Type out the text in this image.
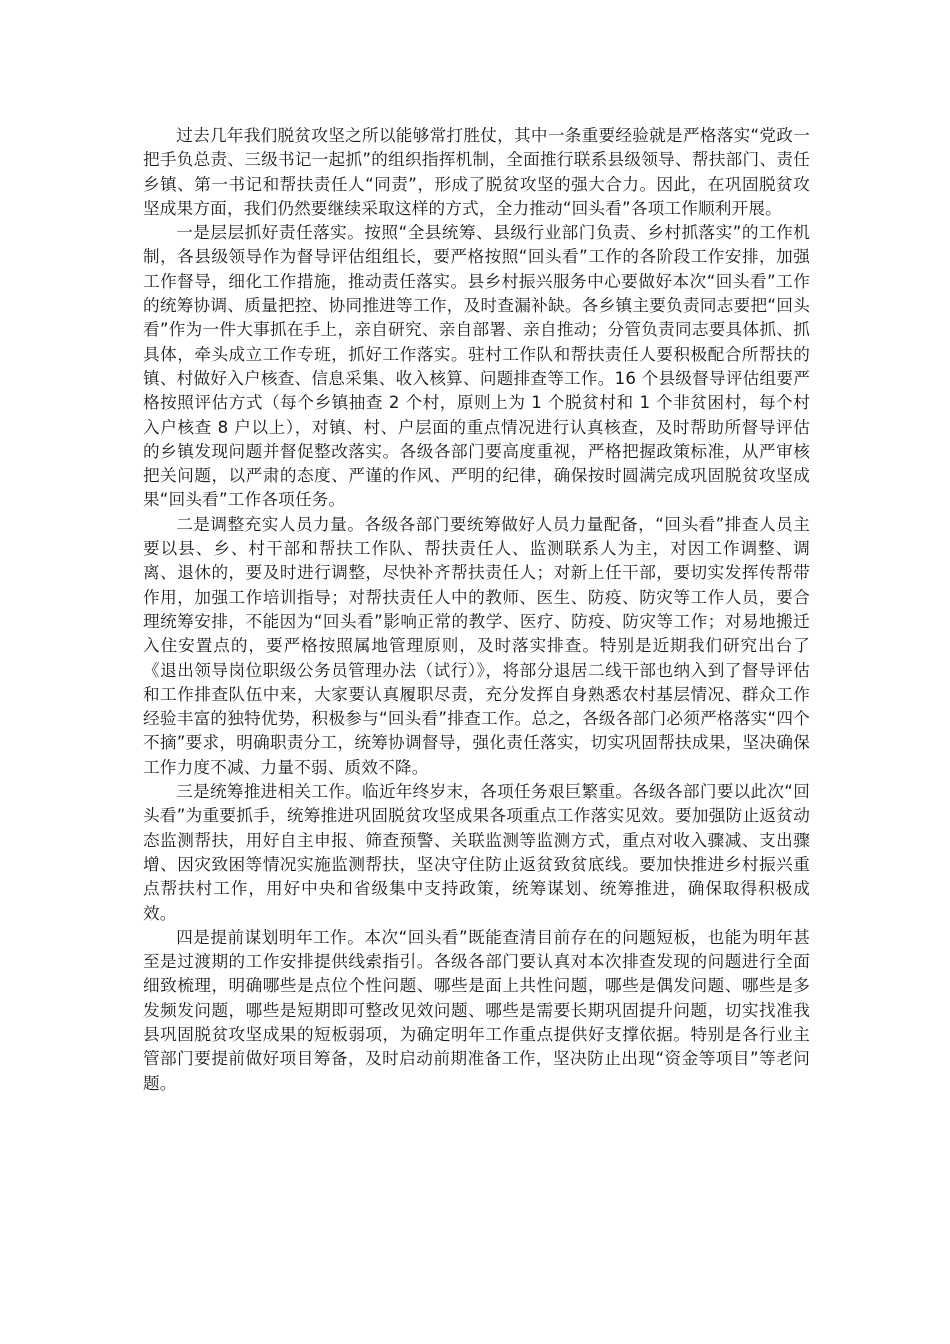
过去几年我们脱贫攻坚之所以能够常打胜仗，其中一条重要经验就是严格落实“党政一把手负总责、三级书记一起抓”的组织指挥机制，全面推行联系县级领导、帮扶部门、责任乡镇、第一书记和帮扶责任人“同责”，形成了脱贫攻坚的强大合力。因此，在巩固脱贫攻坚成果方面，我们仍然要继续采取这样的方式，全力推动“回头看”各项工作顺利开展。

一是层层抓好责任落实。按照“全县统筹、县级行业部门负责、乡村抓落实”的工作机制，各县级领导作为督导评估组组长，要严格按照“回头看”工作的各阶段工作安排，加强工作督导，细化工作措施，推动责任落实。县乡村振兴服务中心要做好本次“回头看”工作的统筹协调、质量把控、协同推进等工作，及时查漏补缺。各乡镇主要负责同志要把“回头看”作为一件大事抓在手上，亲自研究、亲自部署、亲自推动；分管负责同志要具体抓、抓具体，牵头成立工作专班，抓好工作落实。驻村工作队和帮扶责任人要积极配合所帮扶的镇、村做好入户核查、信息采集、收入核算、问题排查等工作。16 个县级督导评估组要严格按照评估方式（每个乡镇抽查 2 个村，原则上为 1 个脱贫村和 1 个非贫困村，每个村入户核查 8 户以上），对镇、村、户层面的重点情况进行认真核查，及时帮助所督导评估的乡镇发现问题并督促整改落实。各级各部门要高度重视，严格把握政策标准，从严审核把关问题，以严肃的态度、严谨的作风、严明的纪律，确保按时圆满完成巩固脱贫攻坚成果“回头看”工作各项任务。

二是调整充实人员力量。各级各部门要统筹做好人员力量配备，“回头看”排查人员主要以县、乡、村干部和帮扶工作队、帮扶责任人、监测联系人为主，对因工作调整、调离、退休的，要及时进行调整，尽快补齐帮扶责任人；对新上任干部，要切实发挥传帮带作用，加强工作培训指导；对帮扶责任人中的教师、医生、防疫、防灾等工作人员，要合理统筹安排，不能因为“回头看”影响正常的教学、医疗、防疫、防灾等工作；对易地搬迁入住安置点的，要严格按照属地管理原则，及时落实排查。特别是近期我们研究出台了《退出领导岗位职级公务员管理办法（试行）》，将部分退居二线干部也纳入到了督导评估和工作排查队伍中来，大家要认真履职尽责，充分发挥自身熟悉农村基层情况、群众工作经验丰富的独特优势，积极参与“回头看”排查工作。总之，各级各部门必须严格落实“四个不摘”要求，明确职责分工，统筹协调督导，强化责任落实，切实巩固帮扶成果，坚决确保工作力度不减、力量不弱、质效不降。

三是统筹推进相关工作。临近年终岁末，各项任务艰巨繁重。各级各部门要以此次“回头看”为重要抓手，统筹推进巩固脱贫攻坚成果各项重点工作落实见效。要加强防止返贫动态监测帮扶，用好自主申报、筛查预警、关联监测等监测方式，重点对收入骤减、支出骤增、因灾致困等情况实施监测帮扶，坚决守住防止返贫致贫底线。要加快推进乡村振兴重点帮扶村工作，用好中央和省级集中支持政策，统筹谋划、统筹推进，确保取得积极成效。

四是提前谋划明年工作。本次“回头看”既能查清目前存在的问题短板，也能为明年甚至是过渡期的工作安排提供线索指引。各级各部门要认真对本次排查发现的问题进行全面细致梳理，明确哪些是点位个性问题、哪些是面上共性问题，哪些是偶发问题、哪些是多发频发问题，哪些是短期即可整改见效问题、哪些是需要长期巩固提升问题，切实找准我县巩固脱贫攻坚成果的短板弱项，为确定明年工作重点提供好支撑依据。特别是各行业主管部门要提前做好项目筹备，及时启动前期准备工作，坚决防止出现“资金等项目”等老问题。
